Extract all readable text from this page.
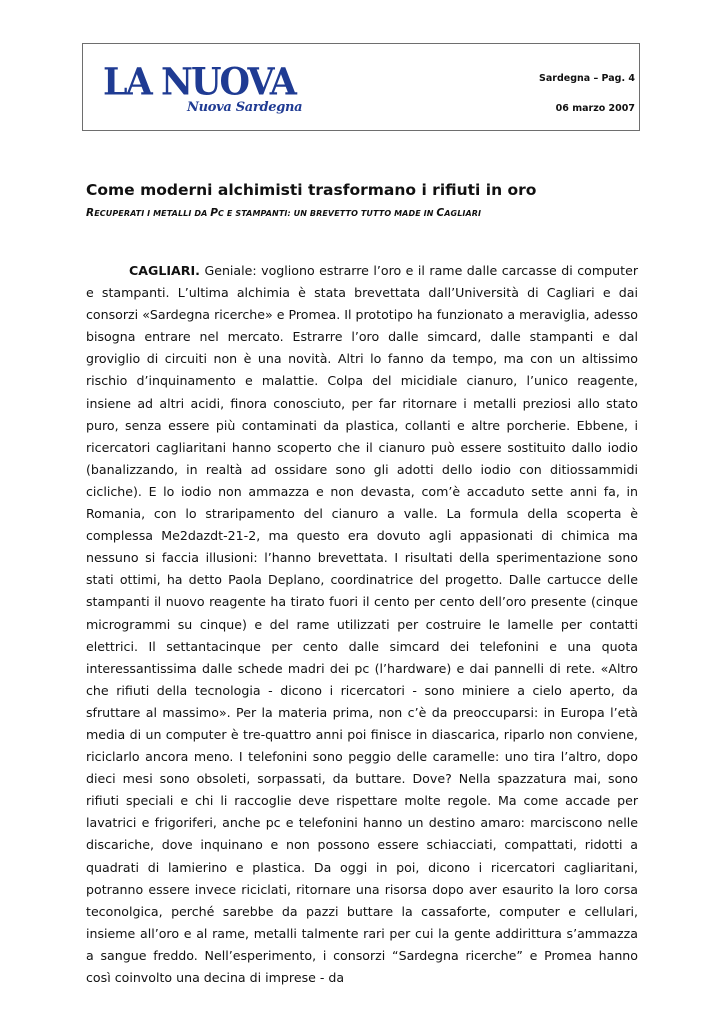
LA NUOVA
Nuova Sardegna
Sardegna – Pag. 4
06 marzo 2007
Come moderni alchimisti trasformano i rifiuti in oro
RECUPERATI I METALLI DA PC E STAMPANTI: UN BREVETTO TUTTO MADE IN CAGLIARI

CAGLIARI. Geniale: vogliono estrarre l’oro e il rame dalle carcasse di computer e stampanti. L’ultima alchimia è stata brevettata dall’Università di Cagliari e dai consorzi «Sardegna ricerche» e Promea. Il prototipo ha funzionato a meraviglia, adesso bisogna entrare nel mercato. Estrarre l’oro dalle simcard, dalle stampanti e dal groviglio di circuiti non è una novità. Altri lo fanno da tempo, ma con un altissimo rischio d’inquinamento e malattie. Colpa del micidiale cianuro, l’unico reagente, insiene ad altri acidi, finora conosciuto, per far ritornare i metalli preziosi allo stato puro, senza essere più contaminati da plastica, collanti e altre porcherie. Ebbene, i ricercatori cagliaritani hanno scoperto che il cianuro può essere sostituito dallo iodio (banalizzando, in realtà ad ossidare sono gli adotti dello iodio con ditiossammidi cicliche). E lo iodio non ammazza e non devasta, com’è accaduto sette anni fa, in Romania, con lo straripamento del cianuro a valle. La formula della scoperta è complessa Me2dazdt-21-2, ma questo era dovuto agli appasionati di chimica ma nessuno si faccia illusioni: l’hanno brevettata. I risultati della sperimentazione sono stati ottimi, ha detto Paola Deplano, coordinatrice del progetto. Dalle cartucce delle stampanti il nuovo reagente ha tirato fuori il cento per cento dell’oro presente (cinque microgrammi su cinque) e del rame utilizzati per costruire le lamelle per contatti elettrici. Il settantacinque per cento dalle simcard dei telefonini e una quota interessantissima dalle schede madri dei pc (l’hardware) e dai pannelli di rete. «Altro che rifiuti della tecnologia - dicono i ricercatori - sono miniere a cielo aperto, da sfruttare al massimo». Per la materia prima, non c’è da preoccuparsi: in Europa l’età media di un computer è tre-quattro anni poi finisce in diascarica, riparlo non conviene, riciclarlo ancora meno. I telefonini sono peggio delle caramelle: uno tira l’altro, dopo dieci mesi sono obsoleti, sorpassati, da buttare. Dove? Nella spazzatura mai, sono rifiuti speciali e chi li raccoglie deve rispettare molte regole. Ma come accade per lavatrici e frigoriferi, anche pc e telefonini hanno un destino amaro: marciscono nelle discariche, dove inquinano e non possono essere schiacciati, compattati, ridotti a quadrati di lamierino e plastica. Da oggi in poi, dicono i ricercatori cagliaritani, potranno essere invece riciclati, ritornare una risorsa dopo aver esaurito la loro corsa teconolgica, perché sarebbe da pazzi buttare la cassaforte, computer e cellulari, insieme all’oro e al rame, metalli talmente rari per cui la gente addirittura s’ammazza a sangue freddo. Nell’esperimento, i consorzi “Sardegna ricerche” e Promea hanno così coinvolto una decina di imprese - da
